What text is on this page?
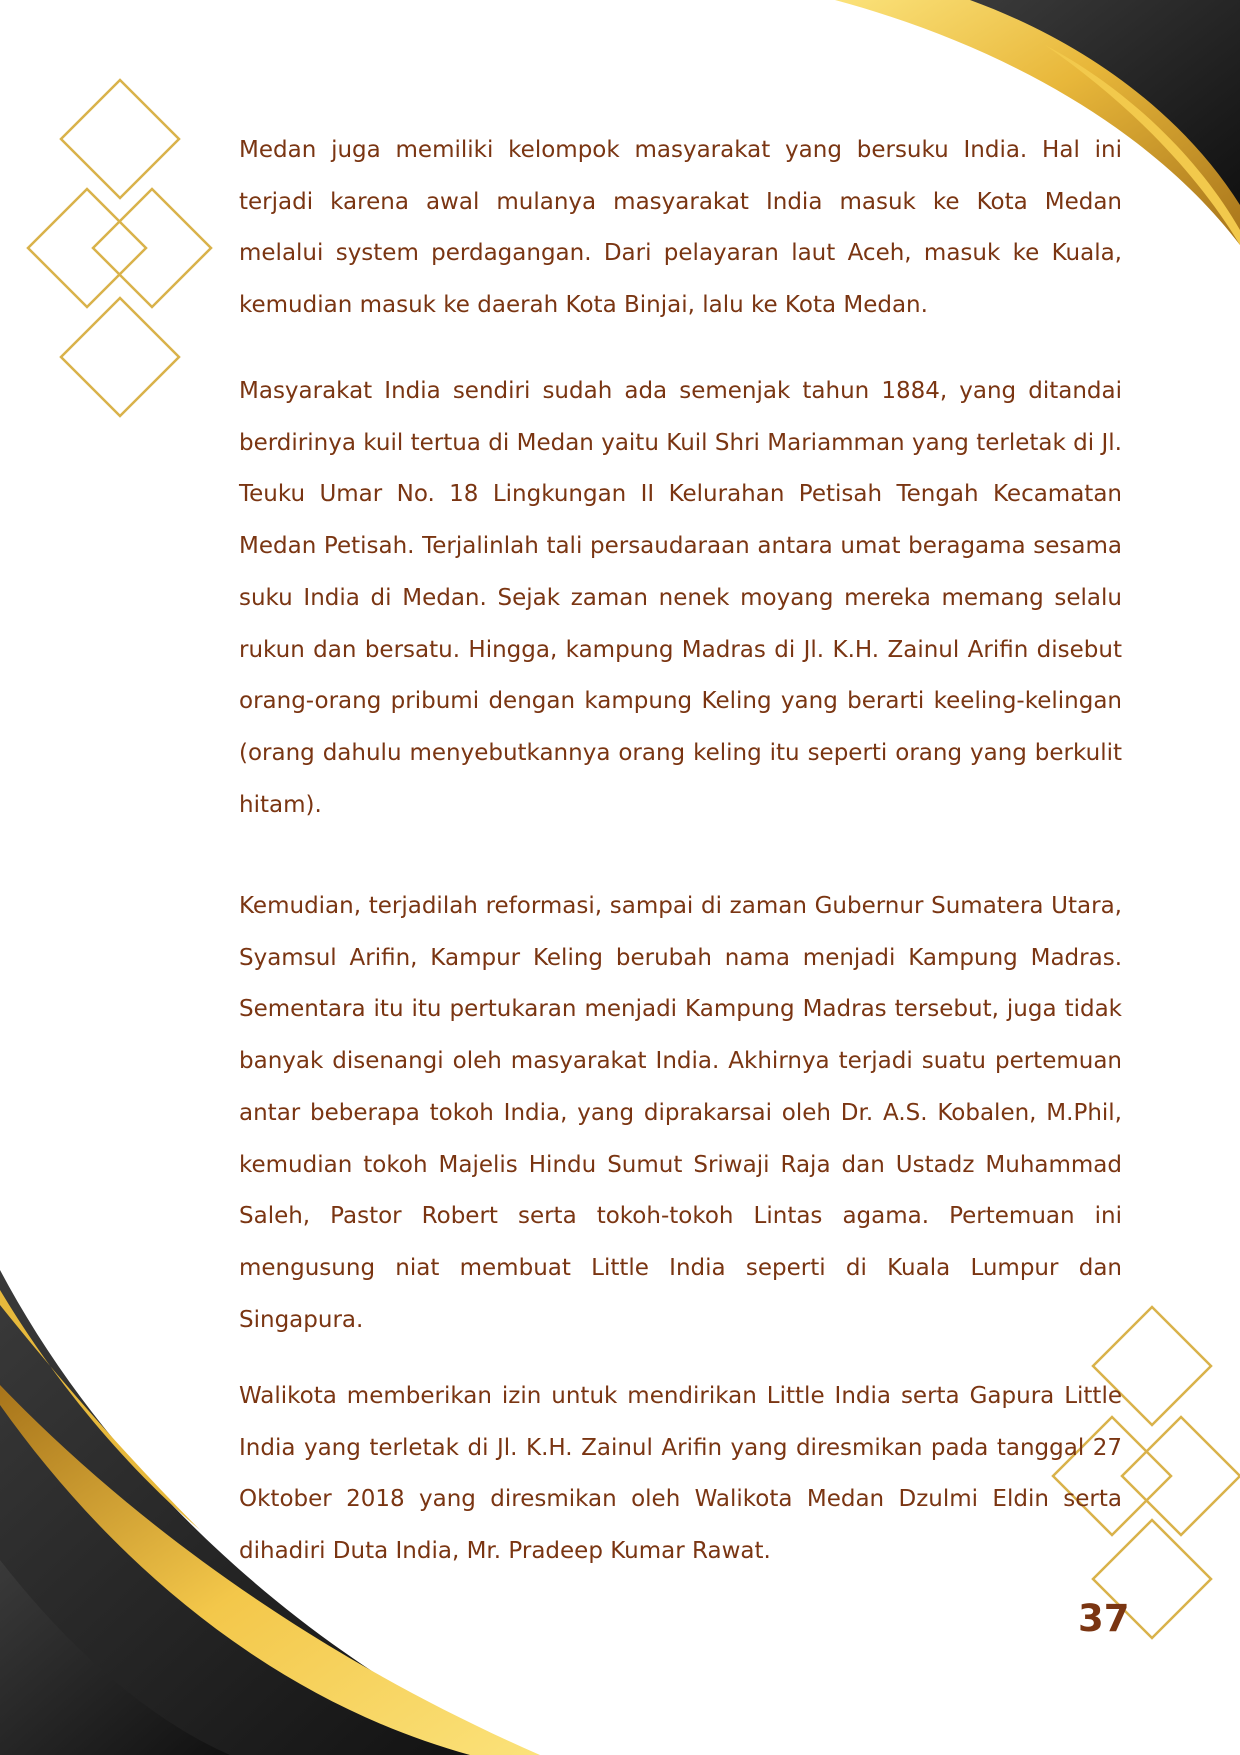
Medan juga memiliki kelompok masyarakat yang bersuku India. Hal ini terjadi karena awal mulanya masyarakat India masuk ke Kota Medan melalui system perdagangan. Dari pelayaran laut Aceh, masuk ke Kuala, kemudian masuk ke daerah Kota Binjai, lalu ke Kota Medan.

Masyarakat India sendiri sudah ada semenjak tahun 1884, yang ditandai berdirinya kuil tertua di Medan yaitu Kuil Shri Mariamman yang terletak di Jl. Teuku Umar No. 18 Lingkungan II Kelurahan Petisah Tengah Kecamatan Medan Petisah. Terjalinlah tali persaudaraan antara umat beragama sesama suku India di Medan. Sejak zaman nenek moyang mereka memang selalu rukun dan bersatu. Hingga, kampung Madras di Jl. K.H. Zainul Arifin disebut orang-orang pribumi dengan kampung Keling yang berarti keeling-kelingan (orang dahulu menyebutkannya orang keling itu seperti orang yang berkulit hitam).

Kemudian, terjadilah reformasi, sampai di zaman Gubernur Sumatera Utara, Syamsul Arifin, Kampur Keling berubah nama menjadi Kampung Madras. Sementara itu itu pertukaran menjadi Kampung Madras tersebut, juga tidak banyak disenangi oleh masyarakat India. Akhirnya terjadi suatu pertemuan antar beberapa tokoh India, yang diprakarsai oleh Dr. A.S. Kobalen, M.Phil, kemudian tokoh Majelis Hindu Sumut Sriwaji Raja dan Ustadz Muhammad Saleh, Pastor Robert serta tokoh-tokoh Lintas agama. Pertemuan ini mengusung niat membuat Little India seperti di Kuala Lumpur dan Singapura.

Walikota memberikan izin untuk mendirikan Little India serta Gapura Little India yang terletak di Jl. K.H. Zainul Arifin yang diresmikan pada tanggal 27 Oktober 2018 yang diresmikan oleh Walikota Medan Dzulmi Eldin serta dihadiri Duta India, Mr. Pradeep Kumar Rawat.

37
